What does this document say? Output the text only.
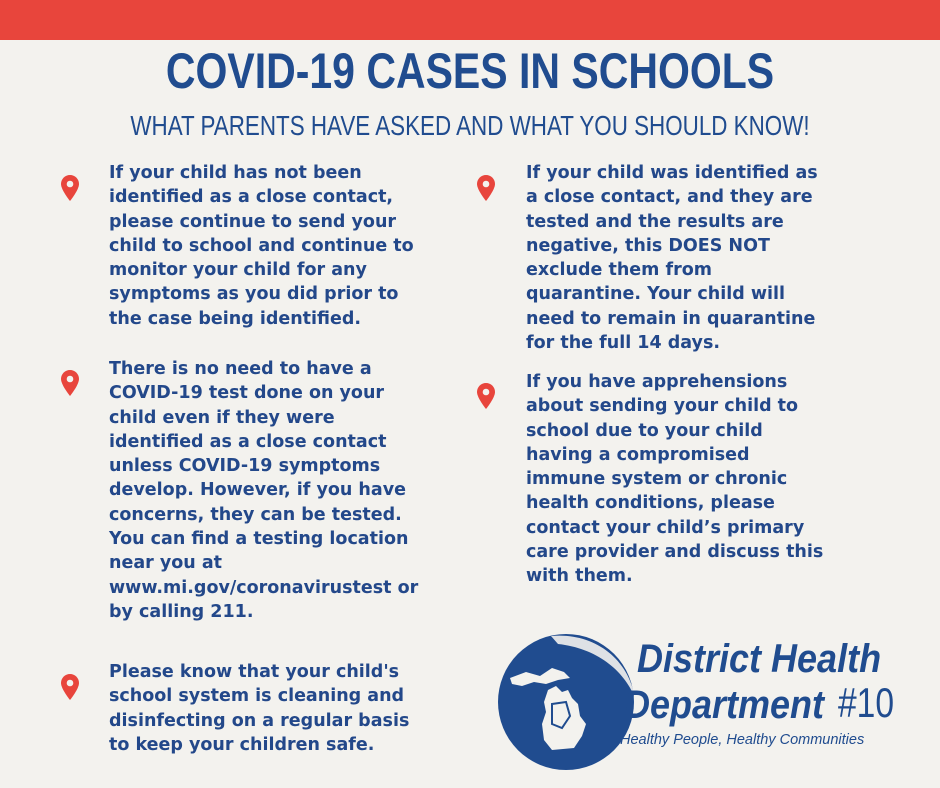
COVID-19 CASES IN SCHOOLS
WHAT PARENTS HAVE ASKED AND WHAT YOU SHOULD KNOW!
If your child has not been identified as a close contact, please continue to send your child to school and continue to monitor your child for any symptoms as you did prior to the case being identified.
There is no need to have a COVID-19 test done on your child even if they were identified as a close contact unless COVID-19 symptoms develop. However, if you have concerns, they can be tested. You can find a testing location near you at www.mi.gov/coronavirustest or by calling 211.
Please know that your child's school system is cleaning and disinfecting on a regular basis to keep your children safe.
If your child was identified as a close contact, and they are tested and the results are negative, this DOES NOT exclude them from quarantine. Your child will need to remain in quarantine for the full 14 days.
If you have apprehensions about sending your child to school due to your child having a compromised immune system or chronic health conditions, please contact your child’s primary care provider and discuss this with them.
District Health
Department #10
Healthy People, Healthy Communities
